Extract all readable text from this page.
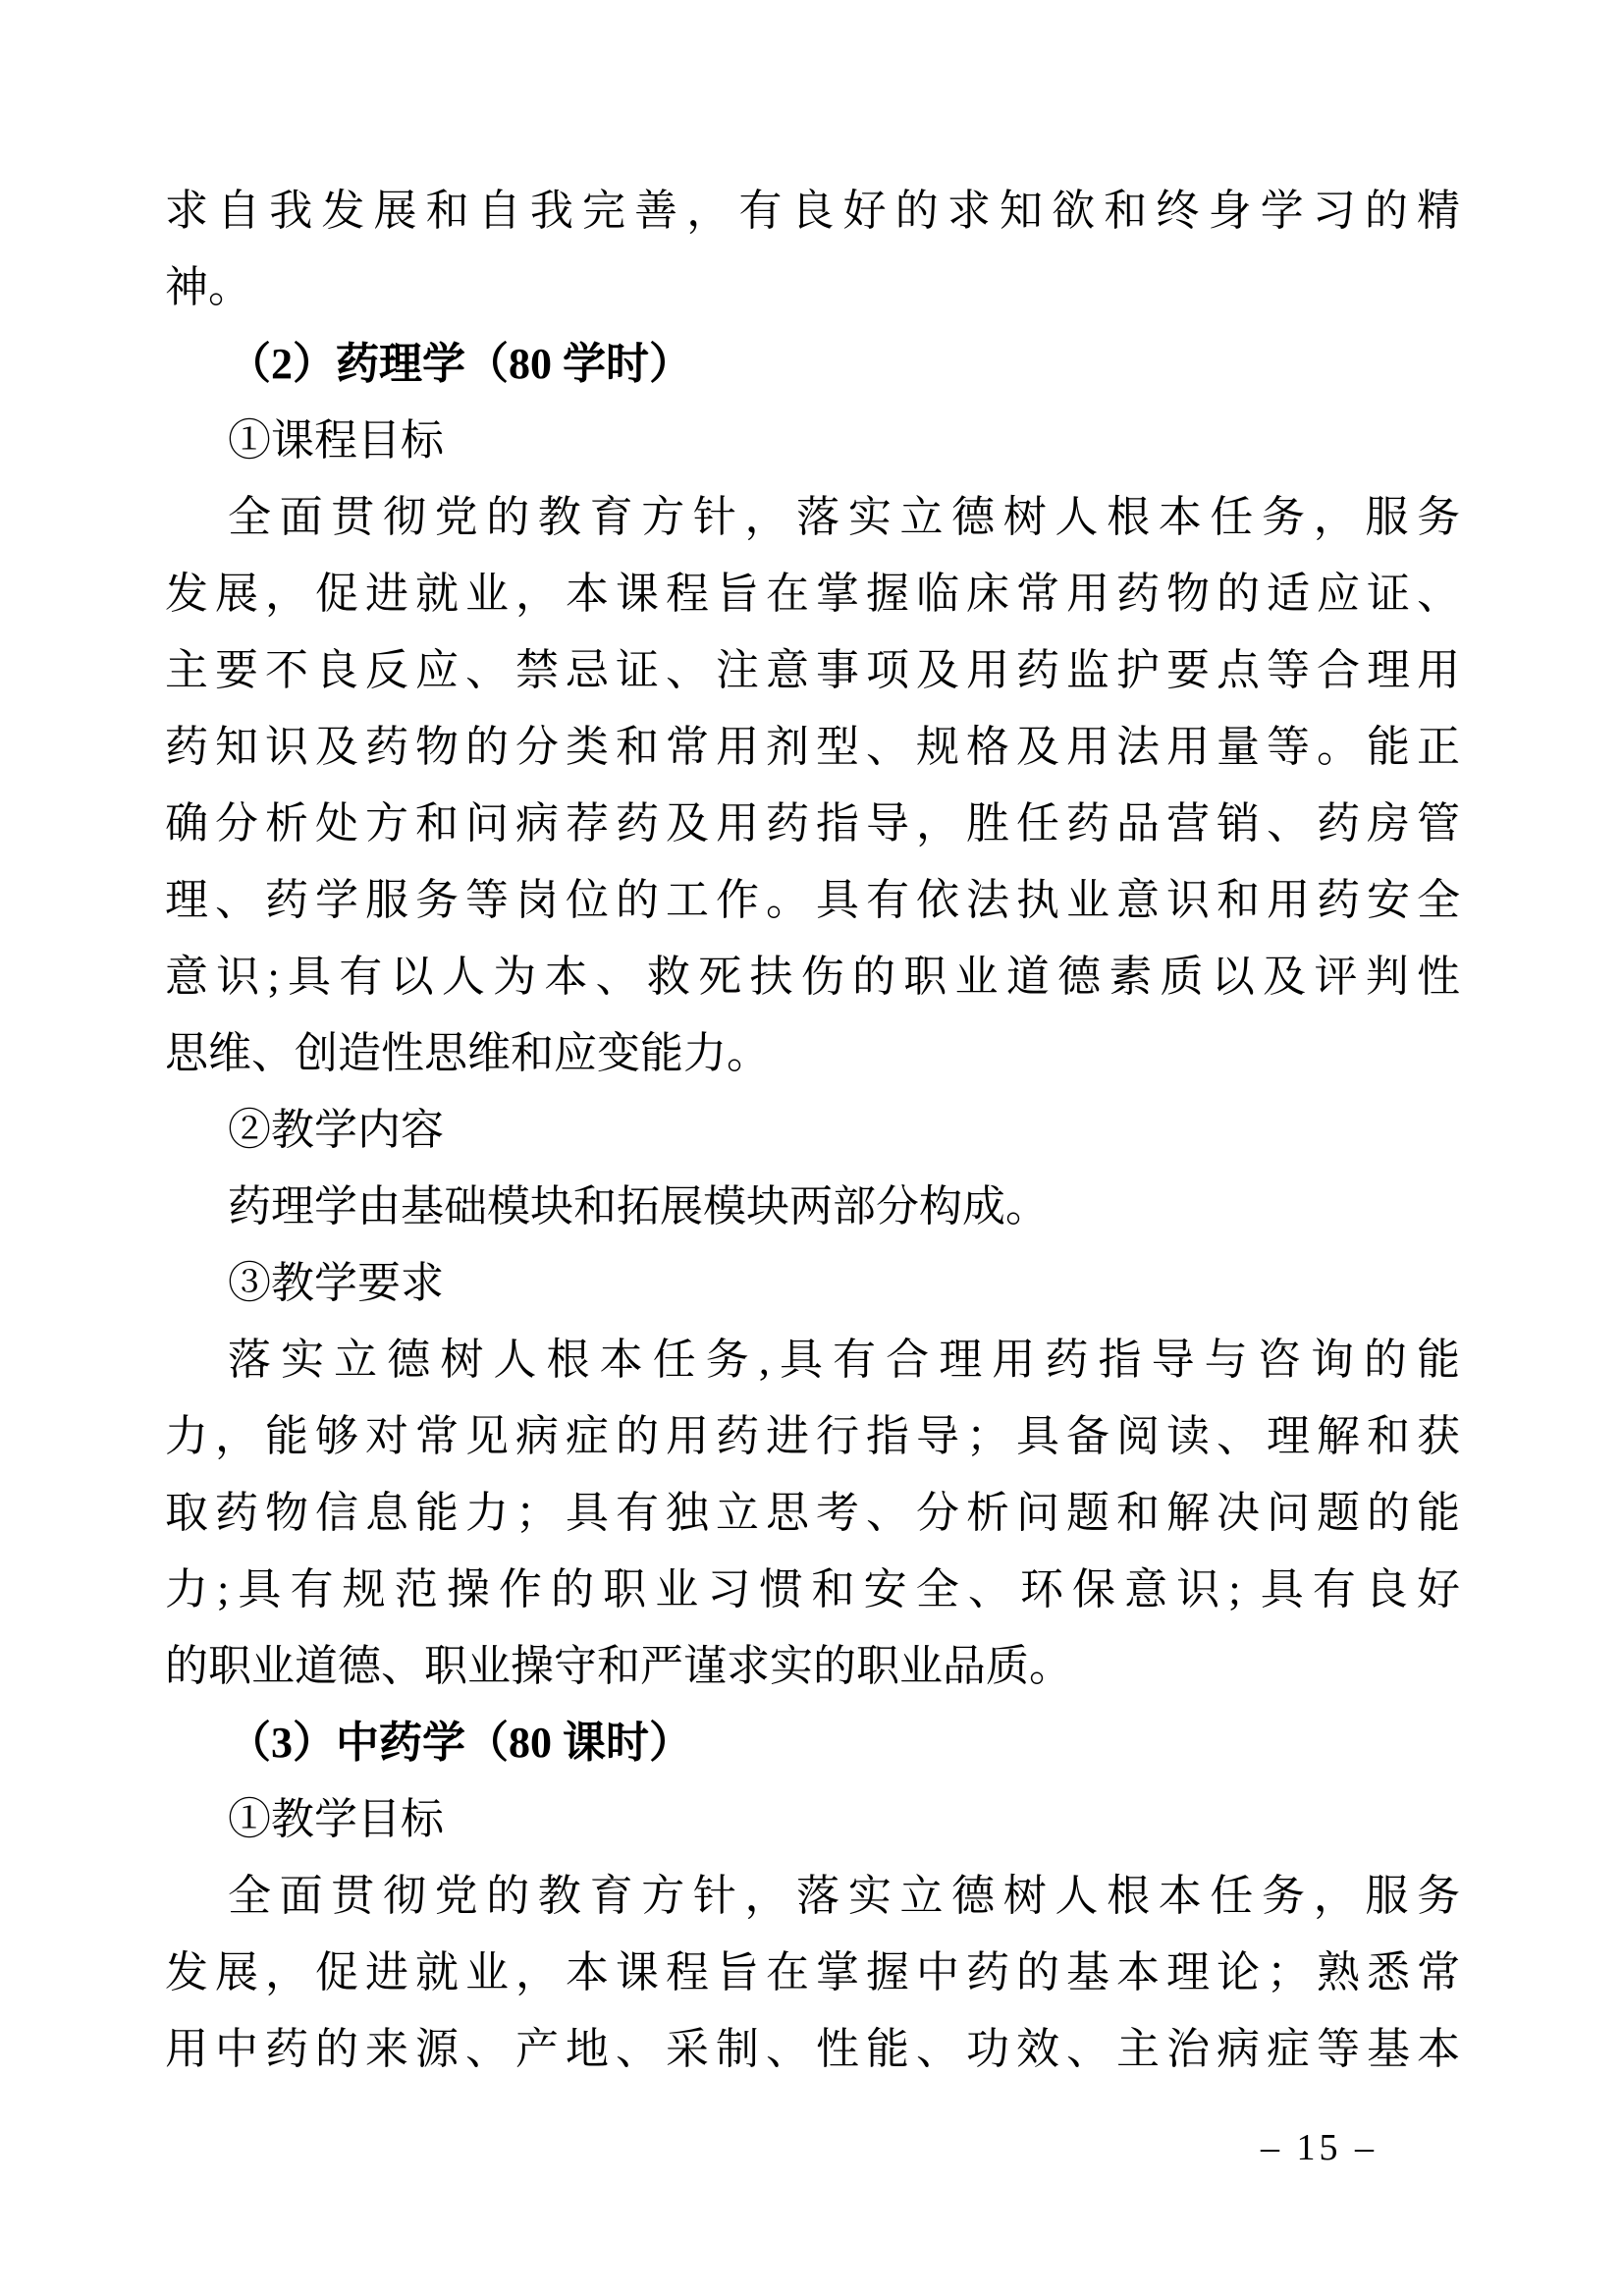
求自我发展和自我完善，有良好的求知欲和终身学习的精
神。
（2）药理学（80 学时）
①课程目标
全面贯彻党的教育方针，落实立德树人根本任务，服务
发展，促进就业，本课程旨在掌握临床常用药物的适应证、
主要不良反应、禁忌证、注意事项及用药监护要点等合理用
药知识及药物的分类和常用剂型、规格及用法用量等。能正
确分析处方和问病荐药及用药指导，胜任药品营销、药房管
理、药学服务等岗位的工作。具有依法执业意识和用药安全
意识;具有以人为本、救死扶伤的职业道德素质以及评判性
思维、创造性思维和应变能力。
②教学内容
药理学由基础模块和拓展模块两部分构成。
③教学要求
落实立德树人根本任务,具有合理用药指导与咨询的能
力，能够对常见病症的用药进行指导；具备阅读、理解和获
取药物信息能力；具有独立思考、分析问题和解决问题的能
力;具有规范操作的职业习惯和安全、环保意识; 具有良好
的职业道德、职业操守和严谨求实的职业品质。
（3）中药学（80 课时）
①教学目标
全面贯彻党的教育方针，落实立德树人根本任务，服务
发展，促进就业，本课程旨在掌握中药的基本理论；熟悉常
用中药的来源、产地、采制、性能、功效、主治病症等基本
– 15 –
